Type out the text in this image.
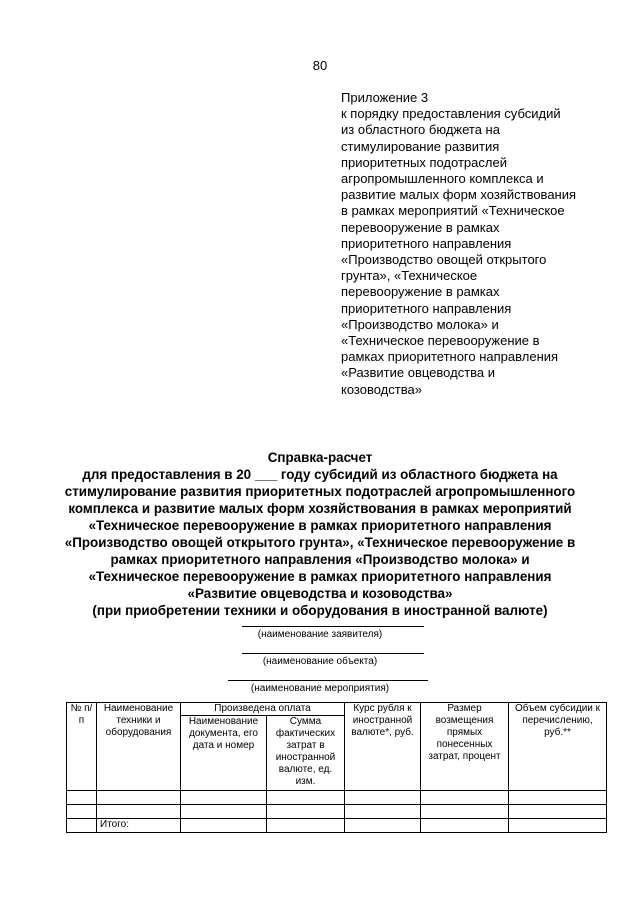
80
Приложение 3
к порядку предоставления субсидий
из областного бюджета на
стимулирование развития
приоритетных подотраслей
агропромышленного комплекса и
развитие малых форм хозяйствования
в рамках мероприятий «Техническое
перевооружение в рамках
приоритетного направления
«Производство овощей открытого
грунта», «Техническое
перевооружение в рамках
приоритетного направления
«Производство молока» и
«Техническое перевооружение в
рамках приоритетного направления
«Развитие овцеводства и
козоводства»
Справка-расчет
для предоставления в 20 ___ году субсидий из областного бюджета на
стимулирование развития приоритетных подотраслей агропромышленного
комплекса и развитие малых форм хозяйствования в рамках мероприятий
«Техническое перевооружение в рамках приоритетного направления
«Производство овощей открытого грунта», «Техническое перевооружение в
рамках приоритетного направления «Производство молока» и
«Техническое перевооружение в рамках приоритетного направления
«Развитие овцеводства и козоводства»
(при приобретении техники и оборудования в иностранной валюте)
(наименование заявителя)
(наименование объекта)
(наименование мероприятия)
№ п/п	Наименование техники и оборудования	Произведена оплата		Курс рубля к иностранной валюте*, руб.	Размер возмещения прямых понесенных затрат, процент	Объем субсидии к перечислению, руб.**
		Наименование документа, его дата и номер	Сумма фактических затрат в иностранной валюте, ед. изм.			

	Итого:					
